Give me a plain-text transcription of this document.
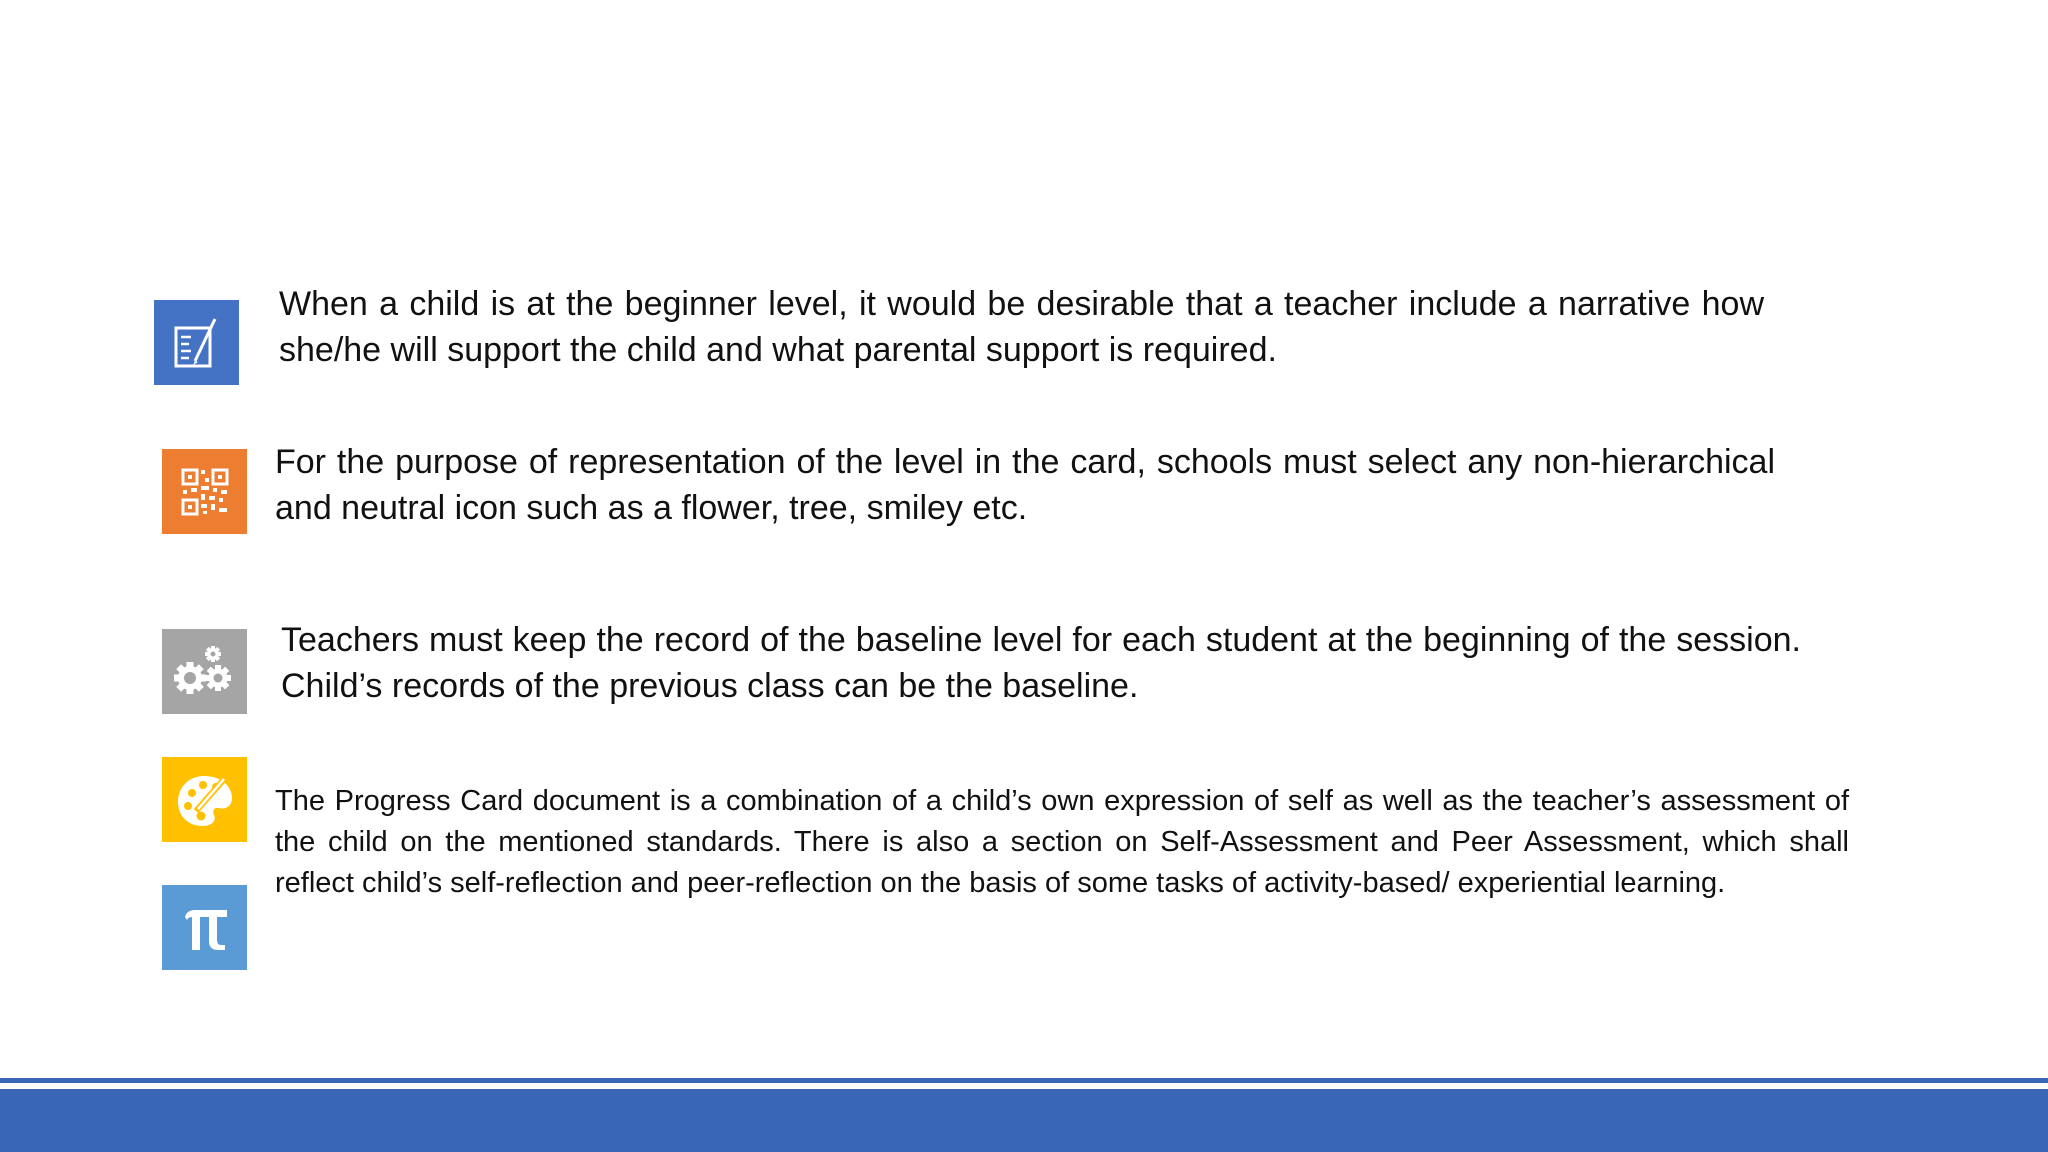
When a child is at the beginner level, it would be desirable that a teacher include a narrative how she/he will support the child and what parental support is required.

For the purpose of representation of the level in the card, schools must select any non-hierarchical and neutral icon such as a flower, tree, smiley etc.

Teachers must keep the record of the baseline level for each student at the beginning of the session. Child’s records of the previous class can be the baseline.

The Progress Card document is a combination of a child’s own expression of self as well as the teacher’s assessment of the child on the mentioned standards. There is also a section on Self-Assessment and Peer Assessment, which shall reflect child’s self-reflection and peer-reflection on the basis of some tasks of activity-based/ experiential learning.
